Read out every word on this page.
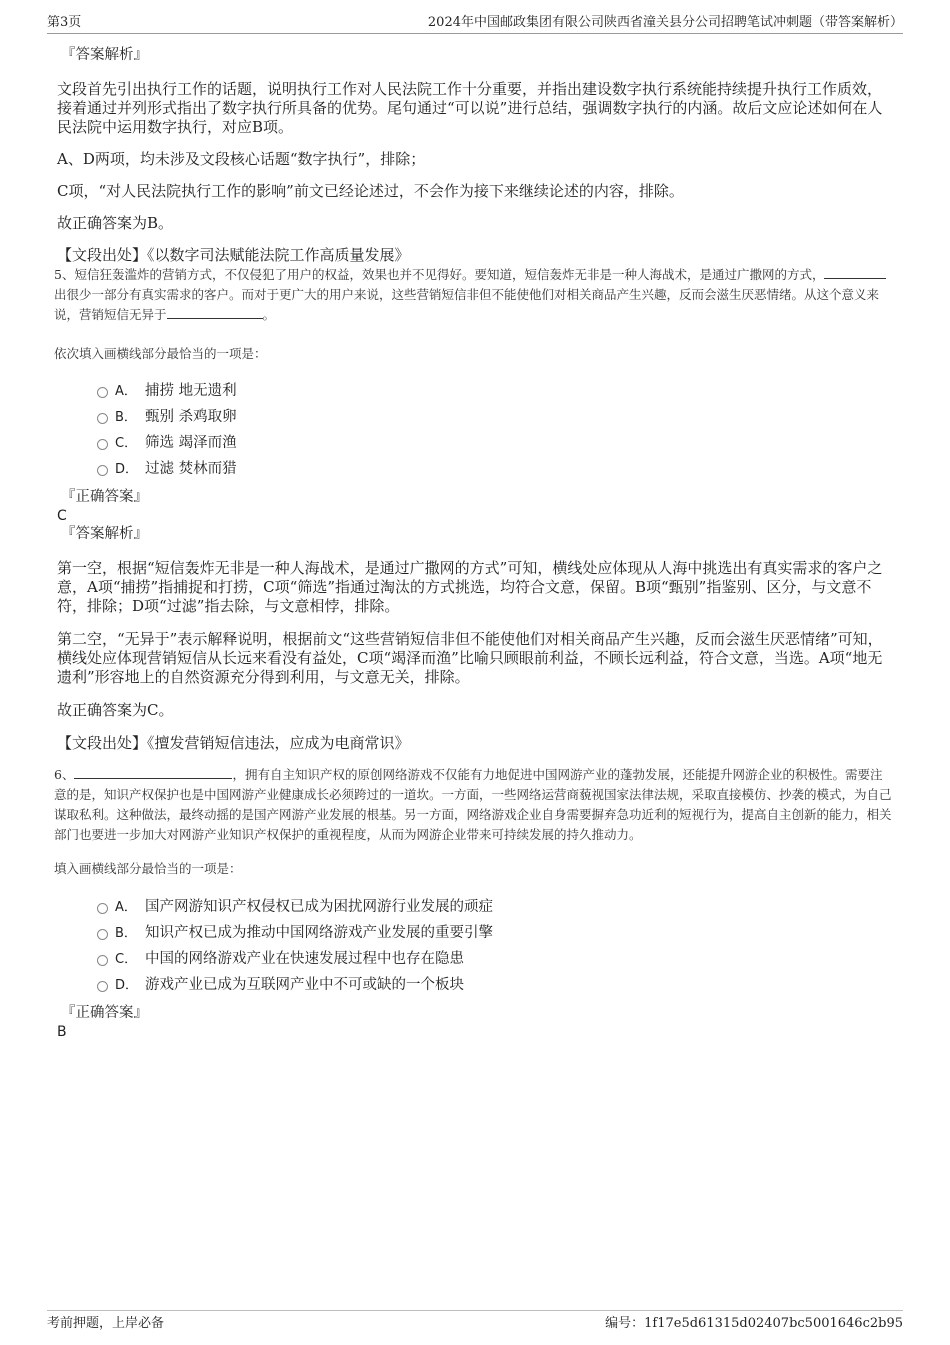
第3页	2024年中国邮政集团有限公司陕西省潼关县分公司招聘笔试冲刺题（带答案解析）

『答案解析』

文段首先引出执行工作的话题，说明执行工作对人民法院工作十分重要，并指出建设数字执行系统能持续提升执行工作质效，接着通过并列形式指出了数字执行所具备的优势。尾句通过“可以说”进行总结，强调数字执行的内涵。故后文应论述如何在人民法院中运用数字执行，对应B项。

A、D两项，均未涉及文段核心话题“数字执行”，排除；

C项，“对人民法院执行工作的影响”前文已经论述过，不会作为接下来继续论述的内容，排除。

故正确答案为B。

【文段出处】《以数字司法赋能法院工作高质量发展》

5、短信狂轰滥炸的营销方式，不仅侵犯了用户的权益，效果也并不见得好。要知道，短信轰炸无非是一种人海战术，是通过广撒网的方式，出很少一部分有真实需求的客户。而对于更广大的用户来说，这些营销短信非但不能使他们对相关商品产生兴趣，反而会滋生厌恶情绪。从这个意义来说，营销短信无异于	。

依次填入画横线部分最恰当的一项是：

A． 捕捞 地无遗利
B． 甄别 杀鸡取卵
C． 筛选 竭泽而渔
D． 过滤 焚林而猎

『正确答案』

C

『答案解析』

第一空，根据“短信轰炸无非是一种人海战术，是通过广撒网的方式”可知，横线处应体现从人海中挑选出有真实需求的客户之意，A项“捕捞”指捕捉和打捞，C项“筛选”指通过淘汰的方式挑选，均符合文意，保留。B项“甄别”指鉴别、区分，与文意不符，排除；D项“过滤”指去除，与文意相悖，排除。

第二空，“无异于”表示解释说明，根据前文“这些营销短信非但不能使他们对相关商品产生兴趣，反而会滋生厌恶情绪”可知，横线处应体现营销短信从长远来看没有益处，C项“竭泽而渔”比喻只顾眼前利益，不顾长远利益，符合文意，当选。A项“地无遗利”形容地上的自然资源充分得到利用，与文意无关，排除。

故正确答案为C。

【文段出处】《擅发营销短信违法，应成为电商常识》

6、	，拥有自主知识产权的原创网络游戏不仅能有力地促进中国网游产业的蓬勃发展，还能提升网游企业的积极性。需要注意的是，知识产权保护也是中国网游产业健康成长必须跨过的一道坎。一方面，一些网络运营商藐视国家法律法规，采取直接模仿、抄袭的模式，为自己谋取私利。这种做法，最终动摇的是国产网游产业发展的根基。另一方面，网络游戏企业自身需要摒弃急功近利的短视行为，提高自主创新的能力，相关部门也要进一步加大对网游产业知识产权保护的重视程度，从而为网游企业带来可持续发展的持久推动力。

填入画横线部分最恰当的一项是：

A． 国产网游知识产权侵权已成为困扰网游行业发展的顽症
B． 知识产权已成为推动中国网络游戏产业发展的重要引擎
C． 中国的网络游戏产业在快速发展过程中也存在隐患
D． 游戏产业已成为互联网产业中不可或缺的一个板块

『正确答案』

B

考前押题，上岸必备	编号：1f17e5d61315d02407bc5001646c2b95
